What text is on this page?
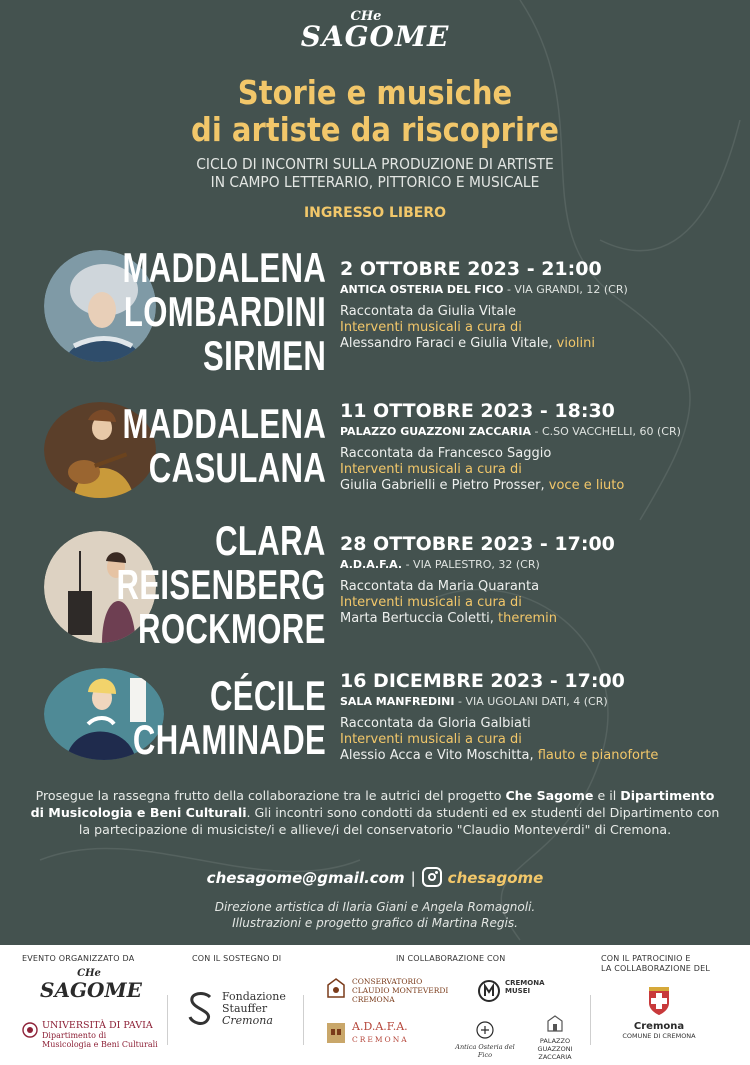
CHe
SAGOME
Storie e musiche
di artiste da riscoprire
CICLO DI INCONTRI SULLA PRODUZIONE DI ARTISTE
IN CAMPO LETTERARIO, PITTORICO E MUSICALE
INGRESSO LIBERO
MADDALENA
LOMBARDINI
SIRMEN
2 OTTOBRE 2023 - 21:00
ANTICA OSTERIA DEL FICO - VIA GRANDI, 12 (CR)
Raccontata da Giulia Vitale
Interventi musicali a cura di
Alessandro Faraci e Giulia Vitale, violini
MADDALENA
CASULANA
11 OTTOBRE 2023 - 18:30
PALAZZO GUAZZONI ZACCARIA - C.SO VACCHELLI, 60 (CR)
Raccontata da Francesco Saggio
Interventi musicali a cura di
Giulia Gabrielli e Pietro Prosser, voce e liuto
CLARA
REISENBERG
ROCKMORE
28 OTTOBRE 2023 - 17:00
A.D.A.F.A. - VIA PALESTRO, 32 (CR)
Raccontata da Maria Quaranta
Interventi musicali a cura di
Marta Bertuccia Coletti, theremin
CÉCILE
CHAMINADE
16 DICEMBRE 2023 - 17:00
SALA MANFREDINI - VIA UGOLANI DATI, 4 (CR)
Raccontata da Gloria Galbiati
Interventi musicali a cura di
Alessio Acca e Vito Moschitta, flauto e pianoforte
Prosegue la rassegna frutto della collaborazione tra le autrici del progetto Che Sagome e il Dipartimento di Musicologia e Beni Culturali. Gli incontri sono condotti da studenti ed ex studenti del Dipartimento con la partecipazione di musiciste/i e allieve/i del conservatorio "Claudio Monteverdi" di Cremona.
chesagome@gmail.com | chesagome
Direzione artistica di Ilaria Giani e Angela Romagnoli.
Illustrazioni e progetto grafico di Martina Regis.
EVENTO ORGANIZZATO DA	CON IL SOSTEGNO DI	IN COLLABORAZIONE CON	CON IL PATROCINIO E
LA COLLABORAZIONE DEL
CHe
SAGOME
UNIVERSITÀ DI PAVIA
Dipartimento di
Musicologia e Beni Culturali
Fondazione
Stauffer
Cremona
CONSERVATORIO
CLAUDIO MONTEVERDI
CREMONA
A.D.A.F.A.
CREMONA
CREMONA
MUSEI
Antica Osteria del Fico
PALAZZO
GUAZZONI ZACCARIA
Cremona
COMUNE DI CREMONA
